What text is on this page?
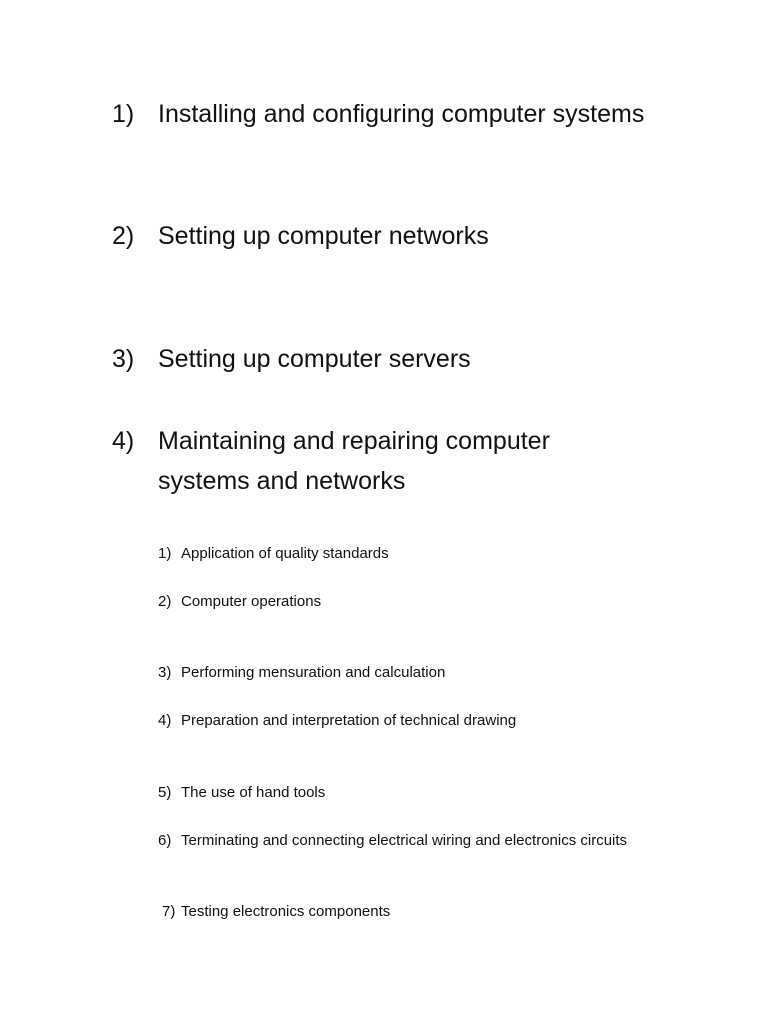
1) Installing and configuring computer systems
2) Setting up computer networks
3) Setting up computer servers
4) Maintaining and repairing computer systems and networks
1) Application of quality standards
2) Computer operations
3) Performing mensuration and calculation
4) Preparation and interpretation of technical drawing
5) The use of hand tools
6) Terminating and connecting electrical wiring and electronics circuits
7) Testing electronics components
